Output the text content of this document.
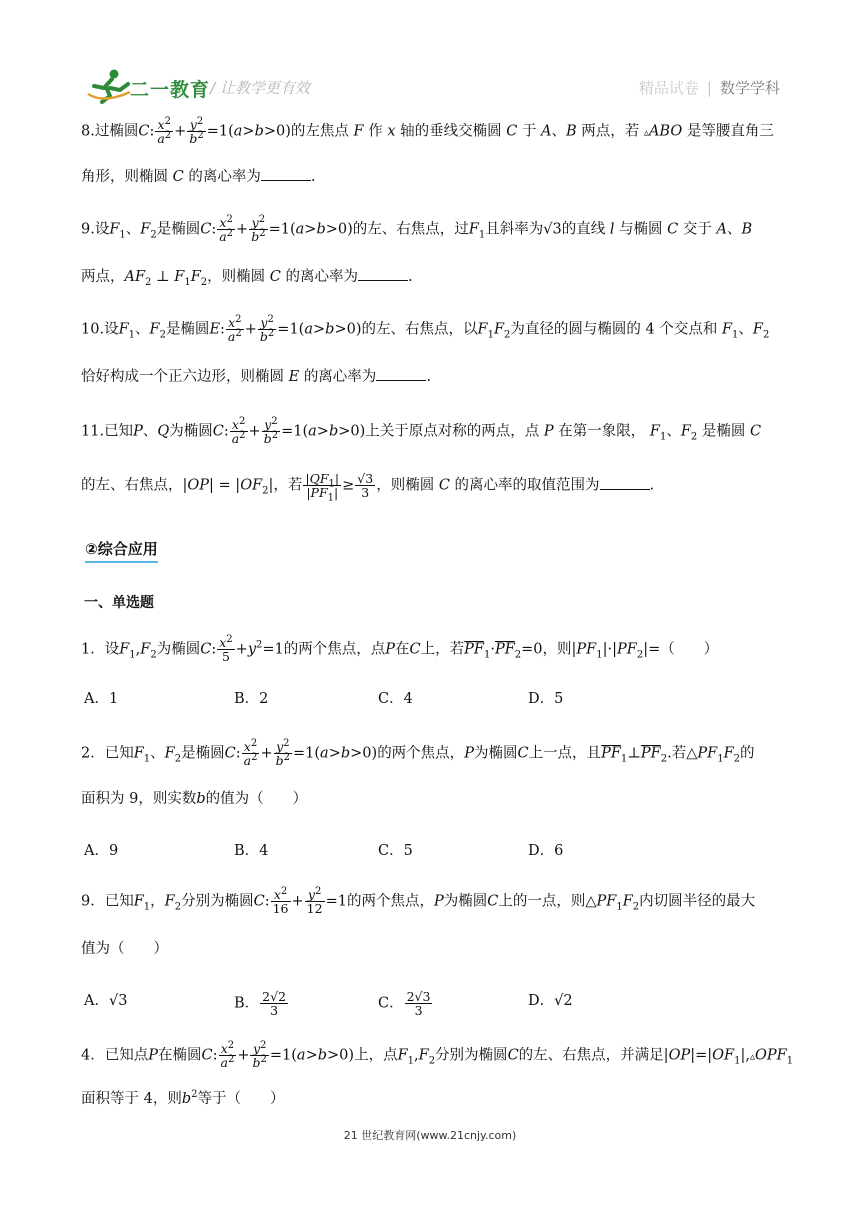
二一教育 / 让教学更有效	精品试卷 | 数学学科
8.过椭圆C: $\frac{x^2}{a^2} + \frac{y^2}{b^2} =1(a>b>0)$的左焦点 F 作 x 轴的垂线交椭圆 C 于 A、B 两点，若 ▵ABO 是等腰直角三
角形，则椭圆 C 的离心率为	.
9.设$F_1$、$F_2$是椭圆C: $\frac{x^2}{a^2} + \frac{y^2}{b^2} =1(a>b>0)$的左、右焦点，过$F_1$且斜率为√3的直线 l 与椭圆 C 交于 A、B
两点，$AF_2$ ⊥ $F_1F_2$，则椭圆 C 的离心率为	.
10.设$F_1$、$F_2$是椭圆E: $\frac{x^2}{a^2} + \frac{y^2}{b^2} =1(a>b>0)$的左、右焦点，以$F_1F_2$为直径的圆与椭圆的 4 个交点和 $F_1$、$F_2$
恰好构成一个正六边形，则椭圆 E 的离心率为	.
11.已知P、Q为椭圆C: $\frac{x^2}{a^2} + \frac{y^2}{b^2} =1(a>b>0)$上关于原点对称的两点，点 P 在第一象限， $F_1$、$F_2$ 是椭圆 C
的左、右焦点，$|OP| = |OF_2|$，若 $\frac{|QF_1|}{|PF_1|} \ge \frac{√3}{3}$ ，则椭圆 C 的离心率的取值范围为	.
②综合应用
一、单选题
1．设$F_1,F_2$为椭圆C: $\frac{x^2}{5} +y^2=1$的两个焦点，点P在C上，若$\overline{PF}_1\cdot\overline{PF}_2=0$，则$|PF_1|\cdot|PF_2|=$（　　）
A．1	B．2	C．4	D．5
2．已知$F_1$、$F_2$是椭圆C: $\frac{x^2}{a^2} + \frac{y^2}{b^2} =1(a>b>0)$的两个焦点，P为椭圆C上一点，且$\overline{PF}_1\perp\overline{PF}_2$.若$\triangle PF_1F_2$的
面积为 9，则实数b的值为（　　）
A．9	B．4	C．5	D．6
9．已知$F_1$，$F_2$分别为椭圆C: $\frac{x^2}{16} + \frac{y^2}{12} =1$的两个焦点，P为椭圆C上的一点，则$\triangle PF_1F_2$内切圆半径的最大
值为（　　）
A．√3	B． $\frac{2√2}{3}$	C． $\frac{2√3}{3}$	D．√2
4．已知点P在椭圆C: $\frac{x^2}{a^2} + \frac{y^2}{b^2} =1(a>b>0)$上，点$F_1,F_2$分别为椭圆C的左、右焦点，并满足$|OP|=|OF_1|,▵OPF_1$
面积等于 4，则$b^2$等于（　　）
21 世纪教育网(www.21cnjy.com)
